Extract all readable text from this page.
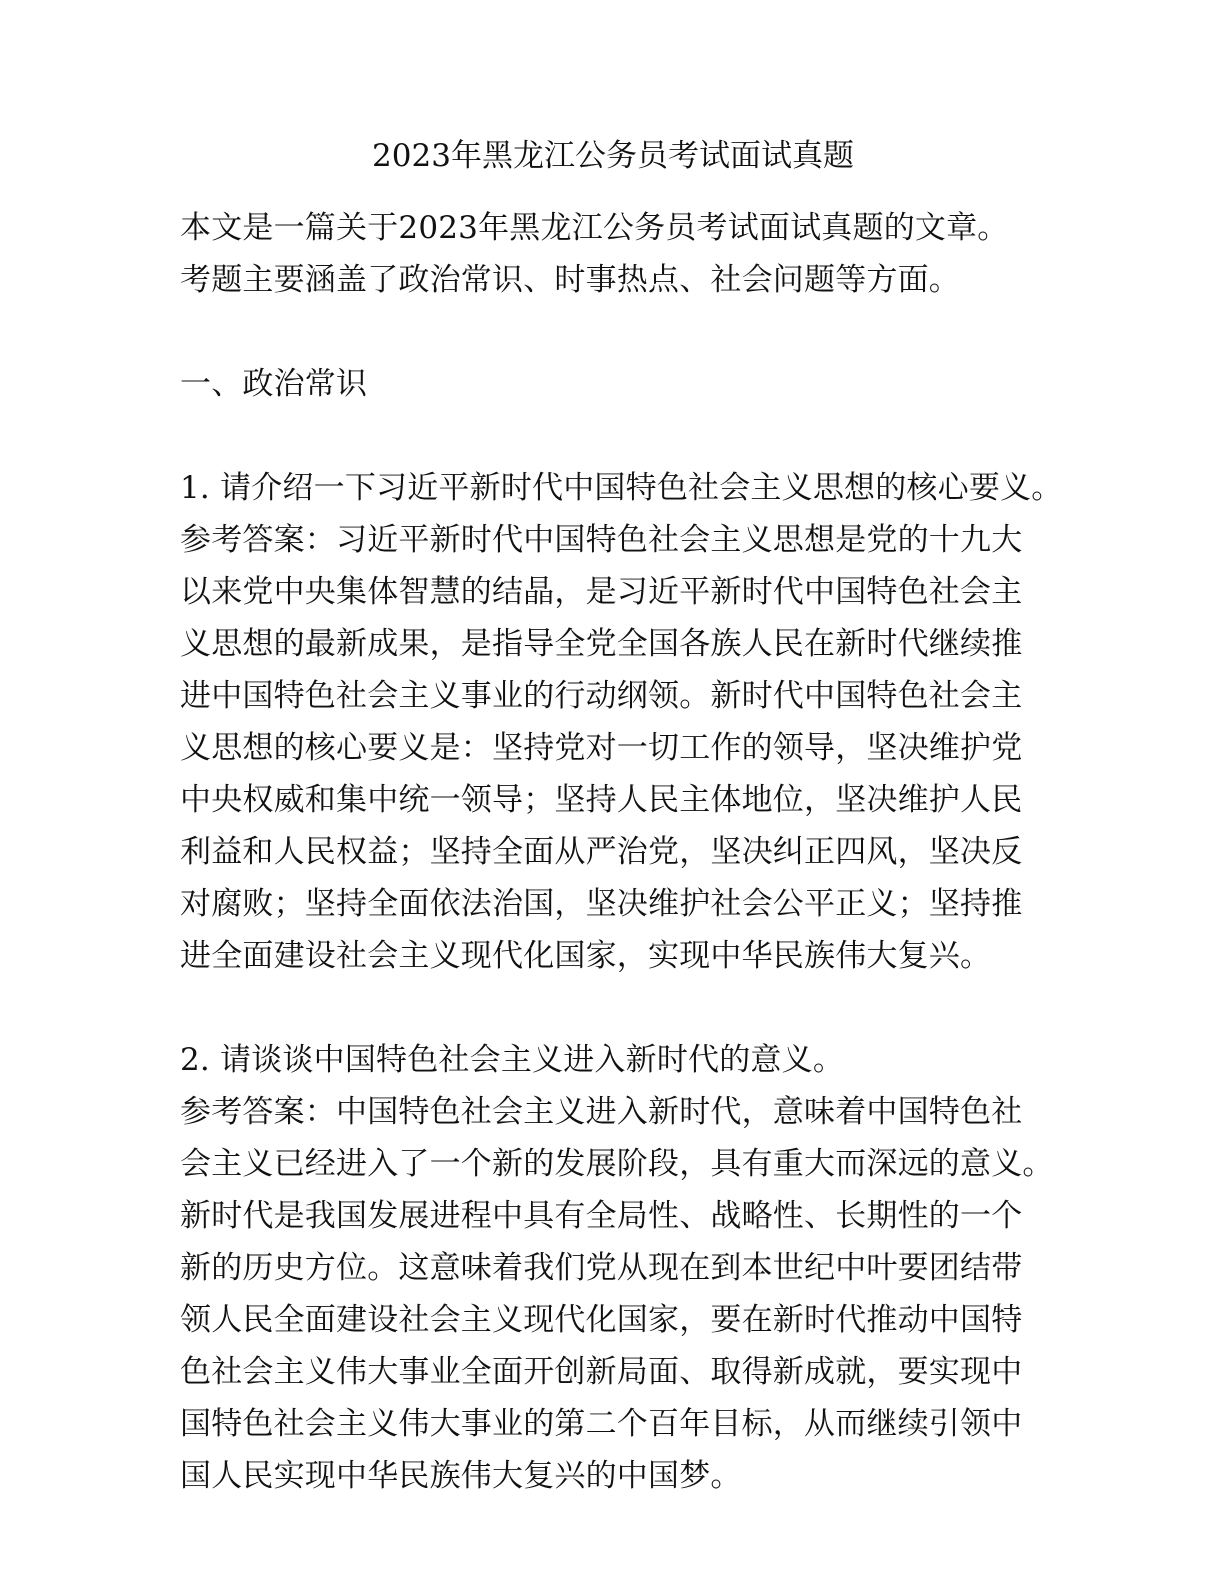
2023年黑龙江公务员考试面试真题
本文是一篇关于2023年黑龙江公务员考试面试真题的文章。
考题主要涵盖了政治常识、时事热点、社会问题等方面。
一、政治常识
1. 请介绍一下习近平新时代中国特色社会主义思想的核心要义。
参考答案：习近平新时代中国特色社会主义思想是党的十九大
以来党中央集体智慧的结晶，是习近平新时代中国特色社会主
义思想的最新成果，是指导全党全国各族人民在新时代继续推
进中国特色社会主义事业的行动纲领。新时代中国特色社会主
义思想的核心要义是：坚持党对一切工作的领导，坚决维护党
中央权威和集中统一领导；坚持人民主体地位，坚决维护人民
利益和人民权益；坚持全面从严治党，坚决纠正四风，坚决反
对腐败；坚持全面依法治国，坚决维护社会公平正义；坚持推
进全面建设社会主义现代化国家，实现中华民族伟大复兴。
2. 请谈谈中国特色社会主义进入新时代的意义。
参考答案：中国特色社会主义进入新时代，意味着中国特色社
会主义已经进入了一个新的发展阶段，具有重大而深远的意义。
新时代是我国发展进程中具有全局性、战略性、长期性的一个
新的历史方位。这意味着我们党从现在到本世纪中叶要团结带
领人民全面建设社会主义现代化国家，要在新时代推动中国特
色社会主义伟大事业全面开创新局面、取得新成就，要实现中
国特色社会主义伟大事业的第二个百年目标，从而继续引领中
国人民实现中华民族伟大复兴的中国梦。
